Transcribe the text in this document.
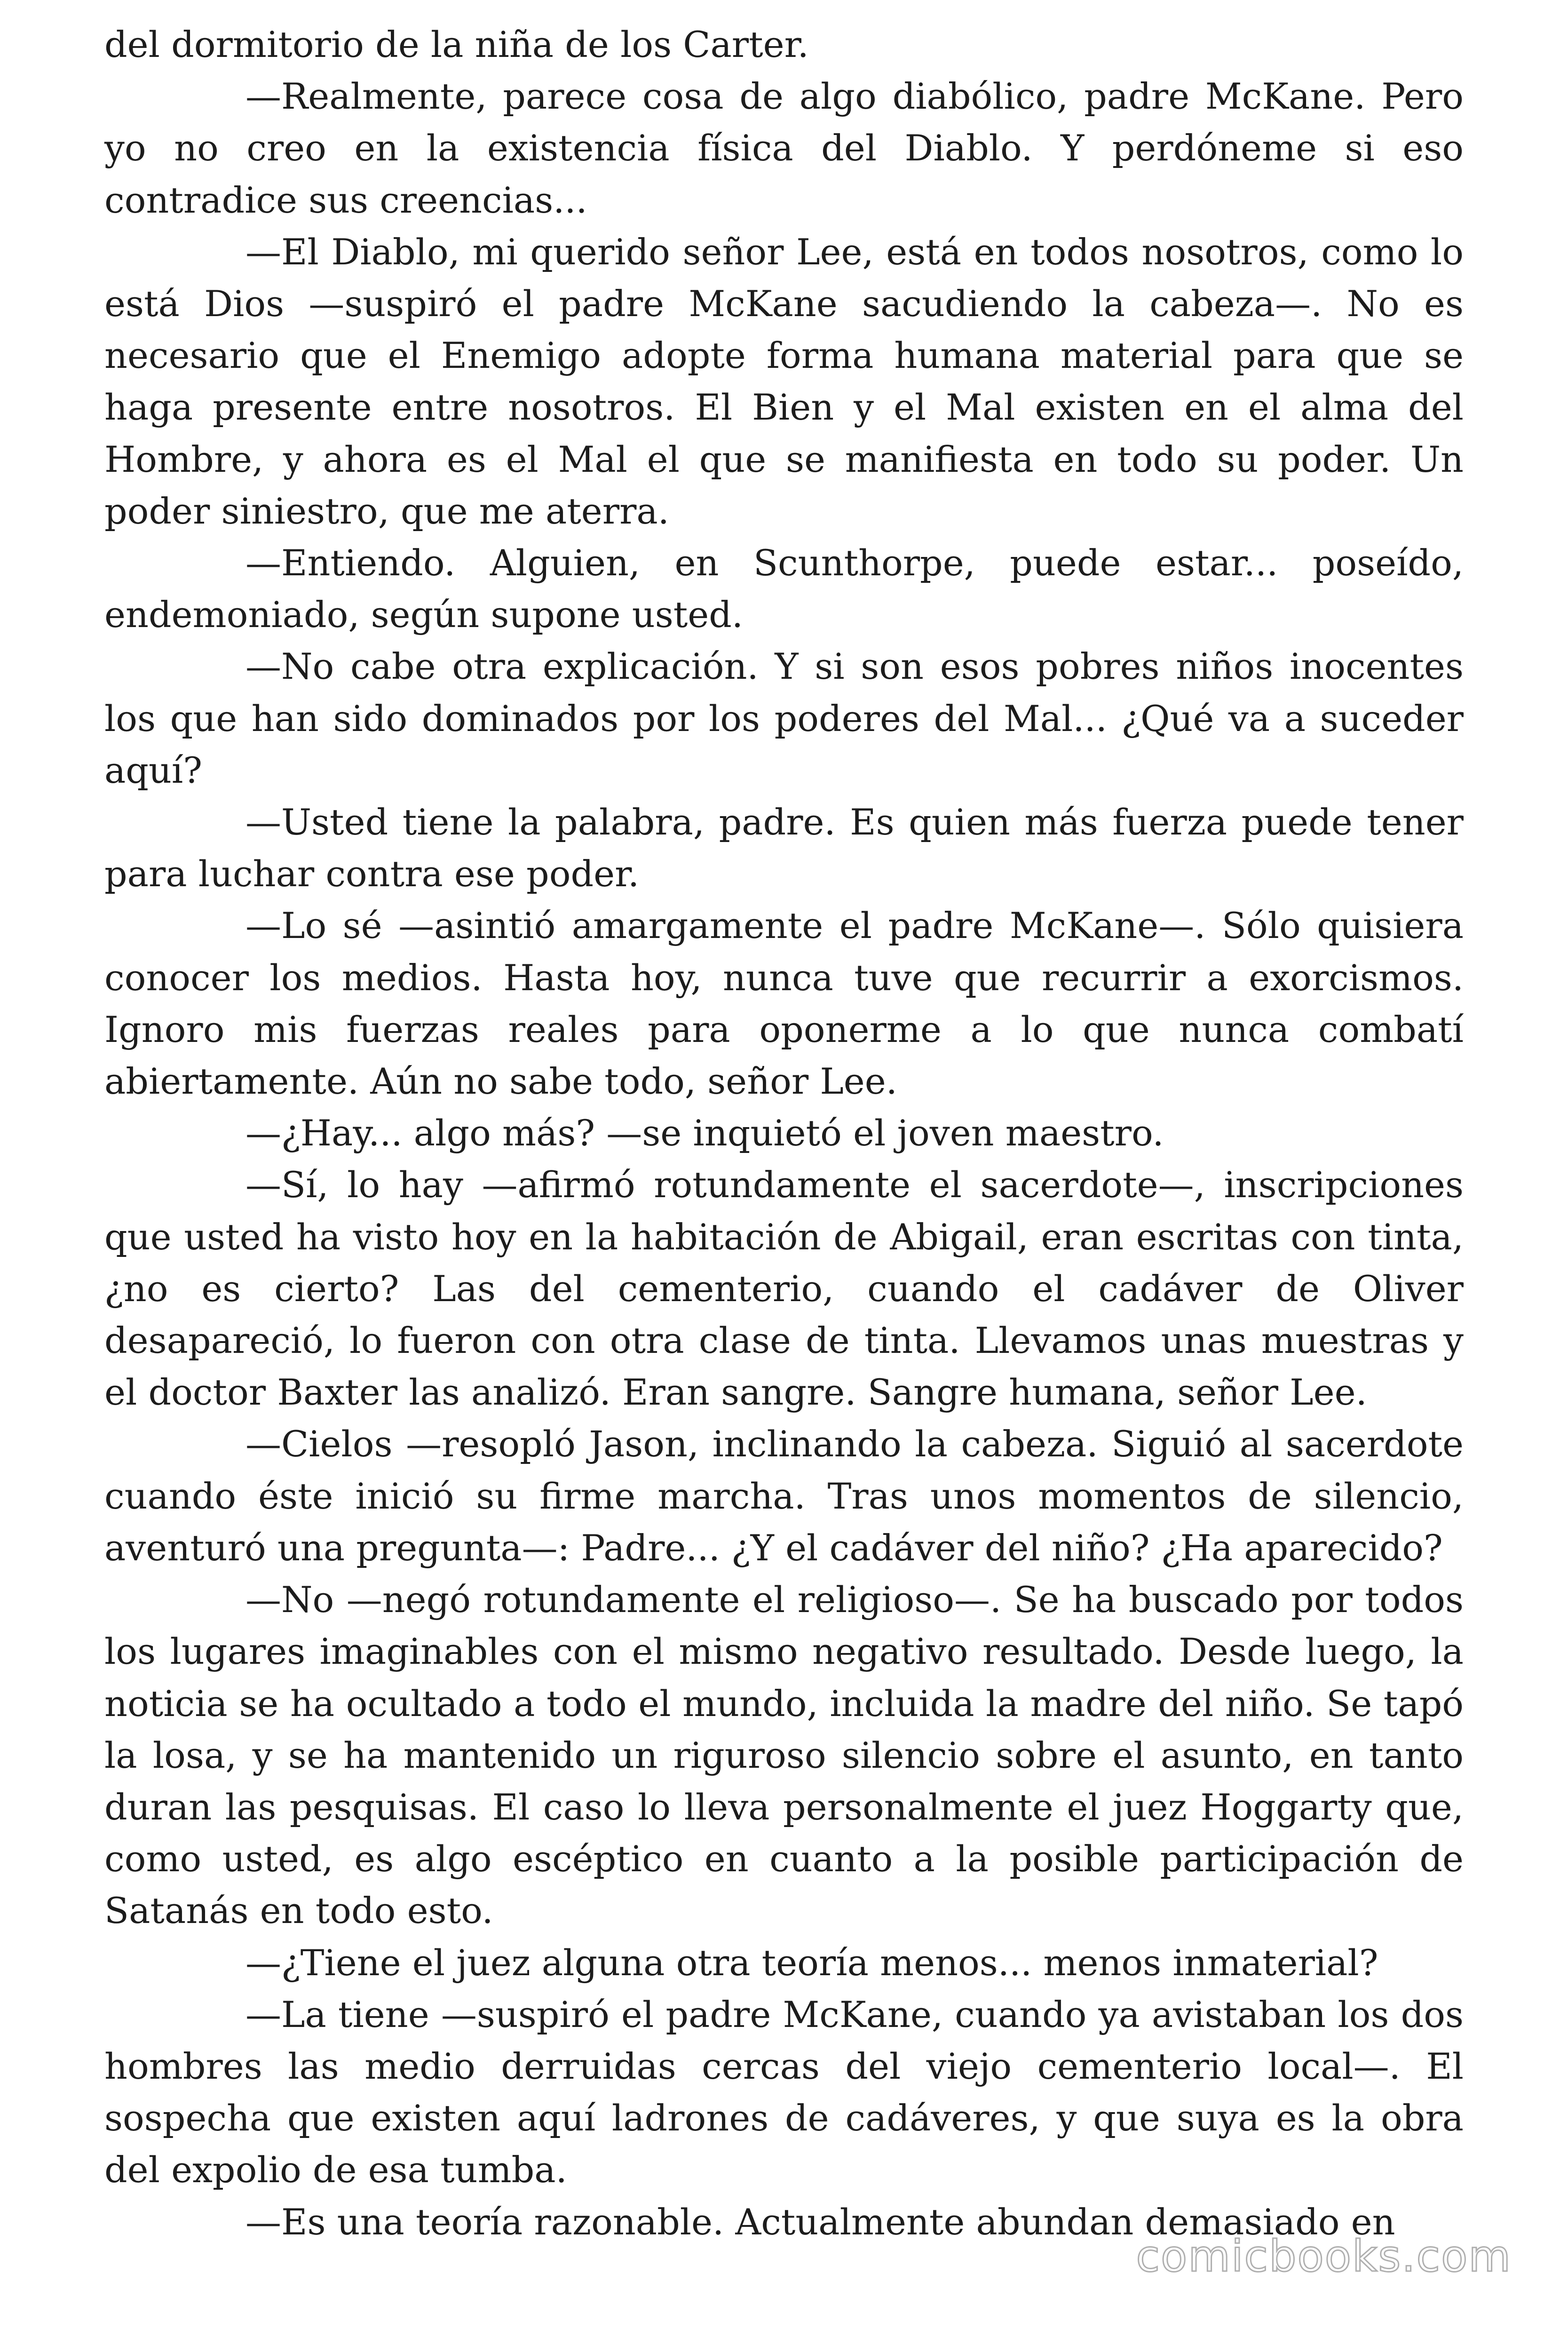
del dormitorio de la niña de los Carter.

—Realmente, parece cosa de algo diabólico, padre McKane. Pero yo no creo en la existencia física del Diablo. Y perdóneme si eso contradice sus creencias...

—El Diablo, mi querido señor Lee, está en todos nosotros, como lo está Dios —suspiró el padre McKane sacudiendo la cabeza—. No es necesario que el Enemigo adopte forma humana material para que se haga presente entre nosotros. El Bien y el Mal existen en el alma del Hombre, y ahora es el Mal el que se manifiesta en todo su poder. Un poder siniestro, que me aterra.

—Entiendo. Alguien, en Scunthorpe, puede estar... poseído, endemoniado, según supone usted.

—No cabe otra explicación. Y si son esos pobres niños inocentes los que han sido dominados por los poderes del Mal... ¿Qué va a suceder aquí?

—Usted tiene la palabra, padre. Es quien más fuerza puede tener para luchar contra ese poder.

—Lo sé —asintió amargamente el padre McKane—. Sólo quisiera conocer los medios. Hasta hoy, nunca tuve que recurrir a exorcismos. Ignoro mis fuerzas reales para oponerme a lo que nunca combatí abiertamente. Aún no sabe todo, señor Lee.

—¿Hay... algo más? —se inquietó el joven maestro.

—Sí, lo hay —afirmó rotundamente el sacerdote—, inscripciones que usted ha visto hoy en la habitación de Abigail, eran escritas con tinta, ¿no es cierto? Las del cementerio, cuando el cadáver de Oliver desapareció, lo fueron con otra clase de tinta. Llevamos unas muestras y el doctor Baxter las analizó. Eran sangre. Sangre humana, señor Lee.

—Cielos —resopló Jason, inclinando la cabeza. Siguió al sacerdote cuando éste inició su firme marcha. Tras unos momentos de silencio, aventuró una pregunta—: Padre... ¿Y el cadáver del niño? ¿Ha aparecido?

—No —negó rotundamente el religioso—. Se ha buscado por todos los lugares imaginables con el mismo negativo resultado. Desde luego, la noticia se ha ocultado a todo el mundo, incluida la madre del niño. Se tapó la losa, y se ha mantenido un riguroso silencio sobre el asunto, en tanto duran las pesquisas. El caso lo lleva personalmente el juez Hoggarty que, como usted, es algo escéptico en cuanto a la posible participación de Satanás en todo esto.

—¿Tiene el juez alguna otra teoría menos... menos inmaterial?

—La tiene —suspiró el padre McKane, cuando ya avistaban los dos hombres las medio derruidas cercas del viejo cementerio local—. El sospecha que existen aquí ladrones de cadáveres, y que suya es la obra del expolio de esa tumba.

—Es una teoría razonable. Actualmente abundan demasiado en

comicbooks.com
